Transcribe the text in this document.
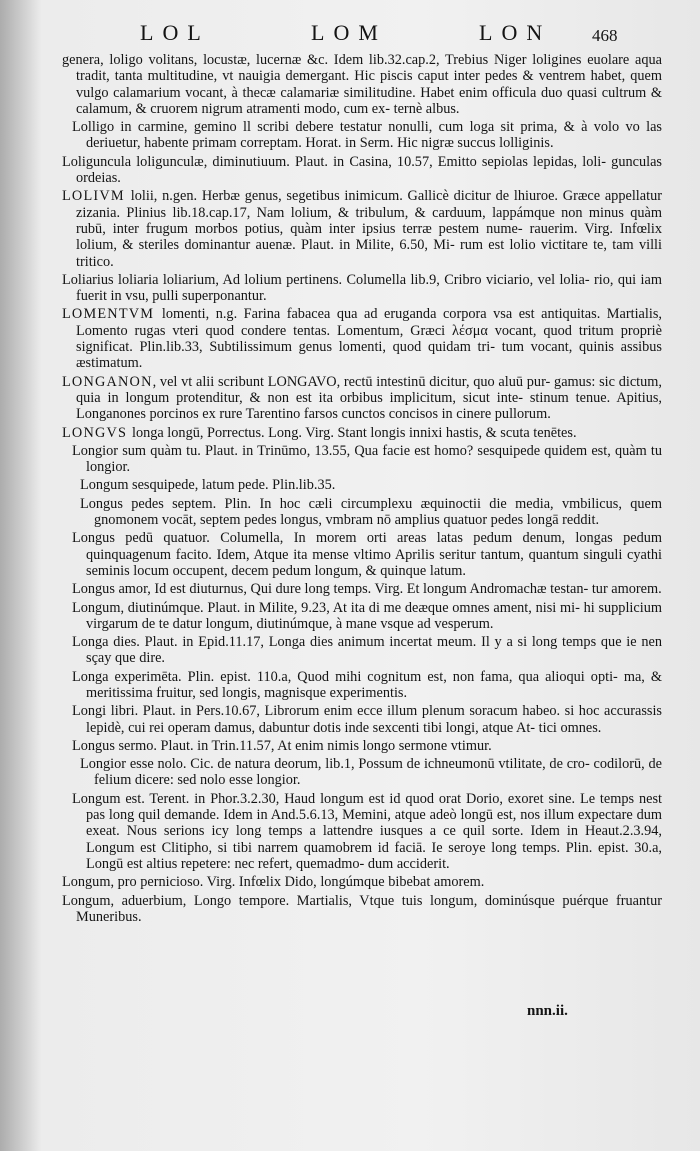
LOL	LOM	LON 468

genera, loligo volitans, locustæ, lucernæ &c. Idem lib.32.cap.2, Trebius Niger loligines euolare aqua tradit, tanta multitudine, vt nauigia demergant. Hic piscis caput inter pedes & ventrem habet, quem vulgo calamarium vocant, à thecæ calamariæ similitudine. Habet enim officula duo quasi cultrum & calamum, & cruorem nigrum atramenti modo, cum ex- ternè albus.

Lolligo in carmine, gemino ll scribi debere testatur nonulli, cum loga sit prima, & à volo vo las deriuetur, habente primam correptam. Horat. in Serm. Hic nigræ succus lolliginis.

Loliguncula loligunculæ, diminutiuum. Plaut. in Casina, 10.57, Emitto sepiolas lepidas, loli- gunculas ordeias.

LOLIVM lolii, n.gen. Herbæ genus, segetibus inimicum. Gallicè dicitur de lhiuroe. Græce appellatur zizania. Plinius lib.18.cap.17, Nam lolium, & tribulum, & carduum, lappámque non minus quàm rubū, inter frugum morbos potius, quàm inter ipsius terræ pestem nume- rauerim. Virg. Infœlix lolium, & steriles dominantur auenæ. Plaut. in Milite, 6.50, Mi- rum est lolio victitare te, tam villi tritico.

Loliarius loliaria loliarium, Ad lolium pertinens. Columella lib.9, Cribro viciario, vel lolia- rio, qui iam fuerit in vsu, pulli superponantur.

LOMENTVM lomenti, n.g. Farina fabacea qua ad eruganda corpora vsa est antiquitas. Martialis, Lomento rugas vteri quod condere tentas. Lomentum, Græci λέσμα vocant, quod tritum propriè significat. Plin.lib.33, Subtilissimum genus lomenti, quod quidam tri- tum vocant, quinis assibus æstimatum.

LONGANON, vel vt alii scribunt LONGAVO, rectū intestinū dicitur, quo aluū pur- gamus: sic dictum, quia in longum protenditur, & non est ita orbibus implicitum, sicut inte- stinum tenue. Apitius, Longanones porcinos ex rure Tarentino farsos cunctos concisos in cinere pullorum.

LONGVS longa longū, Porrectus. Long. Virg. Stant longis innixi hastis, & scuta tenētes.

Longior sum quàm tu. Plaut. in Trinūmo, 13.55, Qua facie est homo? sesquipede quidem est, quàm tu longior.

Longum sesquipede, latum pede. Plin.lib.35.

Longus pedes septem. Plin. In hoc cæli circumplexu æquinoctii die media, vmbilicus, quem gnomonem vocāt, septem pedes longus, vmbram nō amplius quatuor pedes longā reddit.

Longus pedū quatuor. Columella, In morem orti areas latas pedum denum, longas pedum quinquagenum facito. Idem, Atque ita mense vltimo Aprilis seritur tantum, quantum singuli cyathi seminis locum occupent, decem pedum longum, & quinque latum.

Longus amor, Id est diuturnus, Qui dure long temps. Virg. Et longum Andromachæ testan- tur amorem.

Longum, diutinúmque. Plaut. in Milite, 9.23, At ita di me deæque omnes ament, nisi mi- hi supplicium virgarum de te datur longum, diutinúmque, à mane vsque ad vesperum.

Longa dies. Plaut. in Epid.11.17, Longa dies animum incertat meum. Il y a si long temps que ie nen sçay que dire.

Longa experimēta. Plin. epist. 110.a, Quod mihi cognitum est, non fama, qua alioqui opti- ma, & meritissima fruitur, sed longis, magnisque experimentis.

Longi libri. Plaut. in Pers.10.67, Librorum enim ecce illum plenum soracum habeo. si hoc accurassis lepidè, cui rei operam damus, dabuntur dotis inde sexcenti tibi longi, atque At- tici omnes.

Longus sermo. Plaut. in Trin.11.57, At enim nimis longo sermone vtimur.

Longior esse nolo. Cic. de natura deorum, lib.1, Possum de ichneumonū vtilitate, de cro- codilorū, de felium dicere: sed nolo esse longior.

Longum est. Terent. in Phor.3.2.30, Haud longum est id quod orat Dorio, exoret sine. Le temps nest pas long quil demande. Idem in And.5.6.13, Memini, atque adeò longū est, nos illum expectare dum exeat. Nous serions icy long temps a lattendre iusques a ce quil sorte. Idem in Heaut.2.3.94, Longum est Clitipho, si tibi narrem quamobrem id faciā. Ie seroye long temps. Plin. epist. 30.a, Longū est altius repetere: nec refert, quemadmo- dum acciderit.

Longum, pro pernicioso. Virg. Infœlix Dido, longúmque bibebat amorem.

Longum, aduerbium, Longo tempore. Martialis, Vtque tuis longum, dominúsque puérque fruantur Muneribus.

nnn.ii.
